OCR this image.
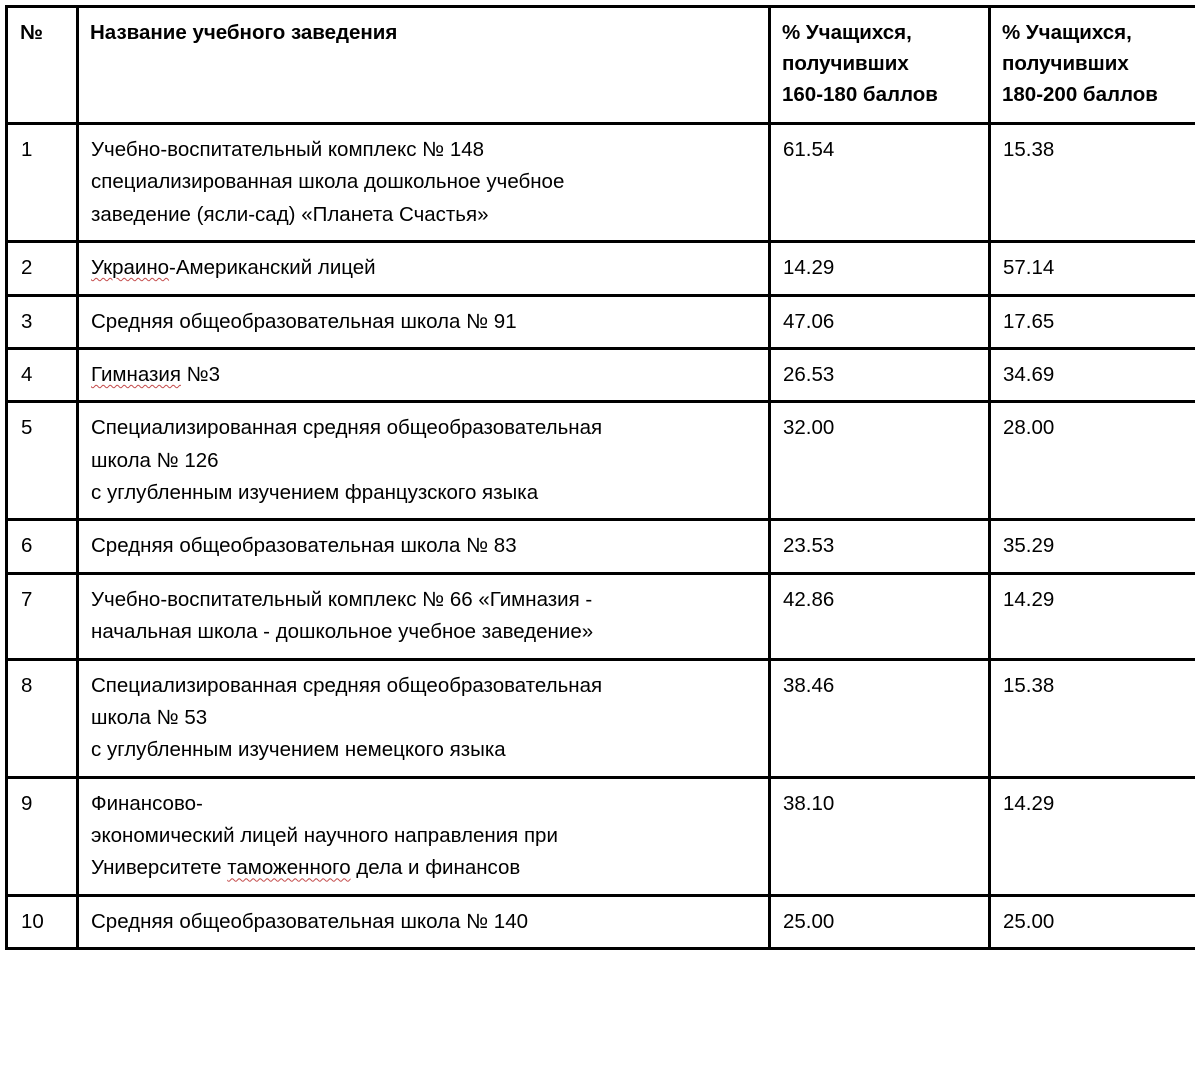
№	Название учебного заведения	% Учащихся,
получивших
160-180 баллов	% Учащихся,
получивших
180-200 баллов

1	Учебно-воспитательный комплекс № 148
специализированная школа дошкольное учебное
заведение (ясли-сад) «Планета Счастья»	61.54	15.38
2	Украино-Американский лицей	14.29	57.14
3	Средняя общеобразовательная школа № 91	47.06	17.65
4	Гимназия №3	26.53	34.69
5	Специализированная средняя общеобразовательная
школа № 126
с углубленным изучением французского языка	32.00	28.00
6	Средняя общеобразовательная школа № 83	23.53	35.29
7	Учебно-воспитательный комплекс № 66 «Гимназия -
начальная школа - дошкольное учебное заведение»	42.86	14.29
8	Специализированная средняя общеобразовательная
школа № 53
с углубленным изучением немецкого языка	38.46	15.38
9	Финансово-
экономический лицей научного направления при
Университете таможенного дела и финансов	38.10	14.29
10	Средняя общеобразовательная школа № 140	25.00	25.00
